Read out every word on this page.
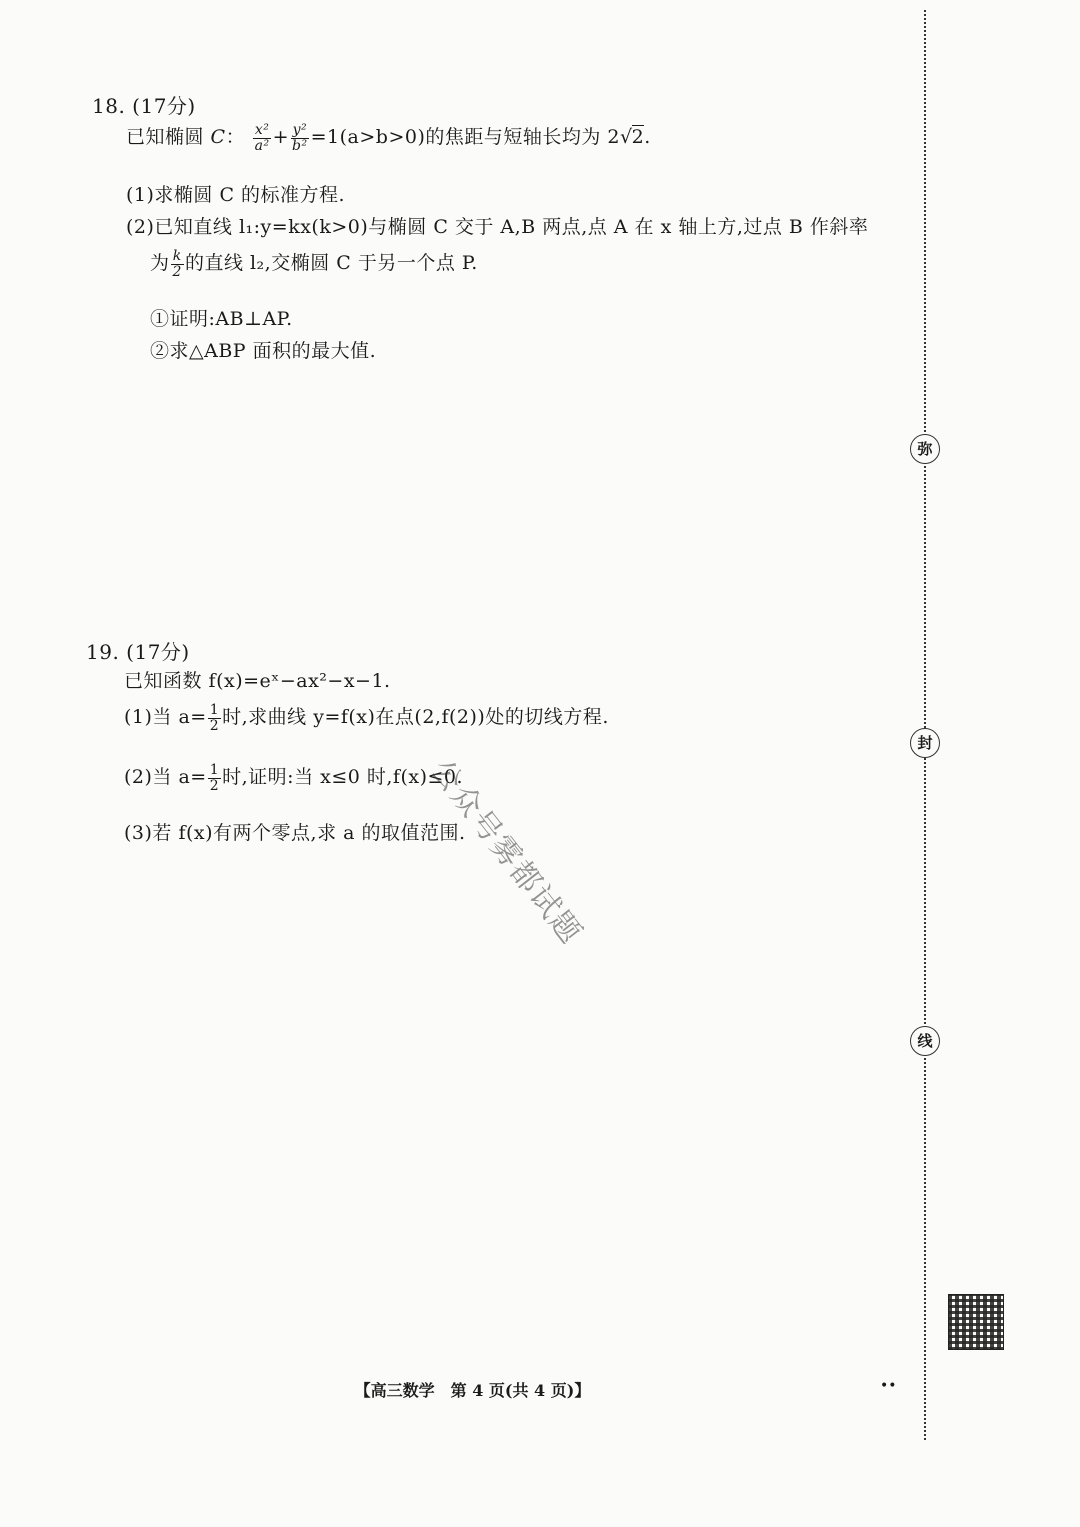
18. (17分)
已知椭圆 C： $\frac{\text{x²}}{\text{a²}} + \frac{\text{y²}}{\text{b²}} =1(a>b>0)$的焦距与短轴长均为 2√2.
(1)求椭圆 C 的标准方程.
(2)已知直线 l₁:y=kx(k>0)与椭圆 C 交于 A,B 两点,点 A 在 x 轴上方,过点 B 作斜率
为 $\frac{k}{2}$ 的直线 l₂,交椭圆 C 于另一个点 P.
①证明:AB⊥AP.
②求△ABP 面积的最大值.
19. (17分)
已知函数 f(x)=eˣ−ax²−x−1.
(1)当 $a= \frac{1}{2}$ 时,求曲线 y=f(x)在点(2,f(2))处的切线方程.
(2)当 $a= \frac{1}{2}$ 时,证明:当 x≤0 时,f(x)≤0.
(3)若 f(x)有两个零点,求 a 的取值范围.
公众号雾都试题
弥
封
线
【高三数学　第 4 页(共 4 页)】	••
